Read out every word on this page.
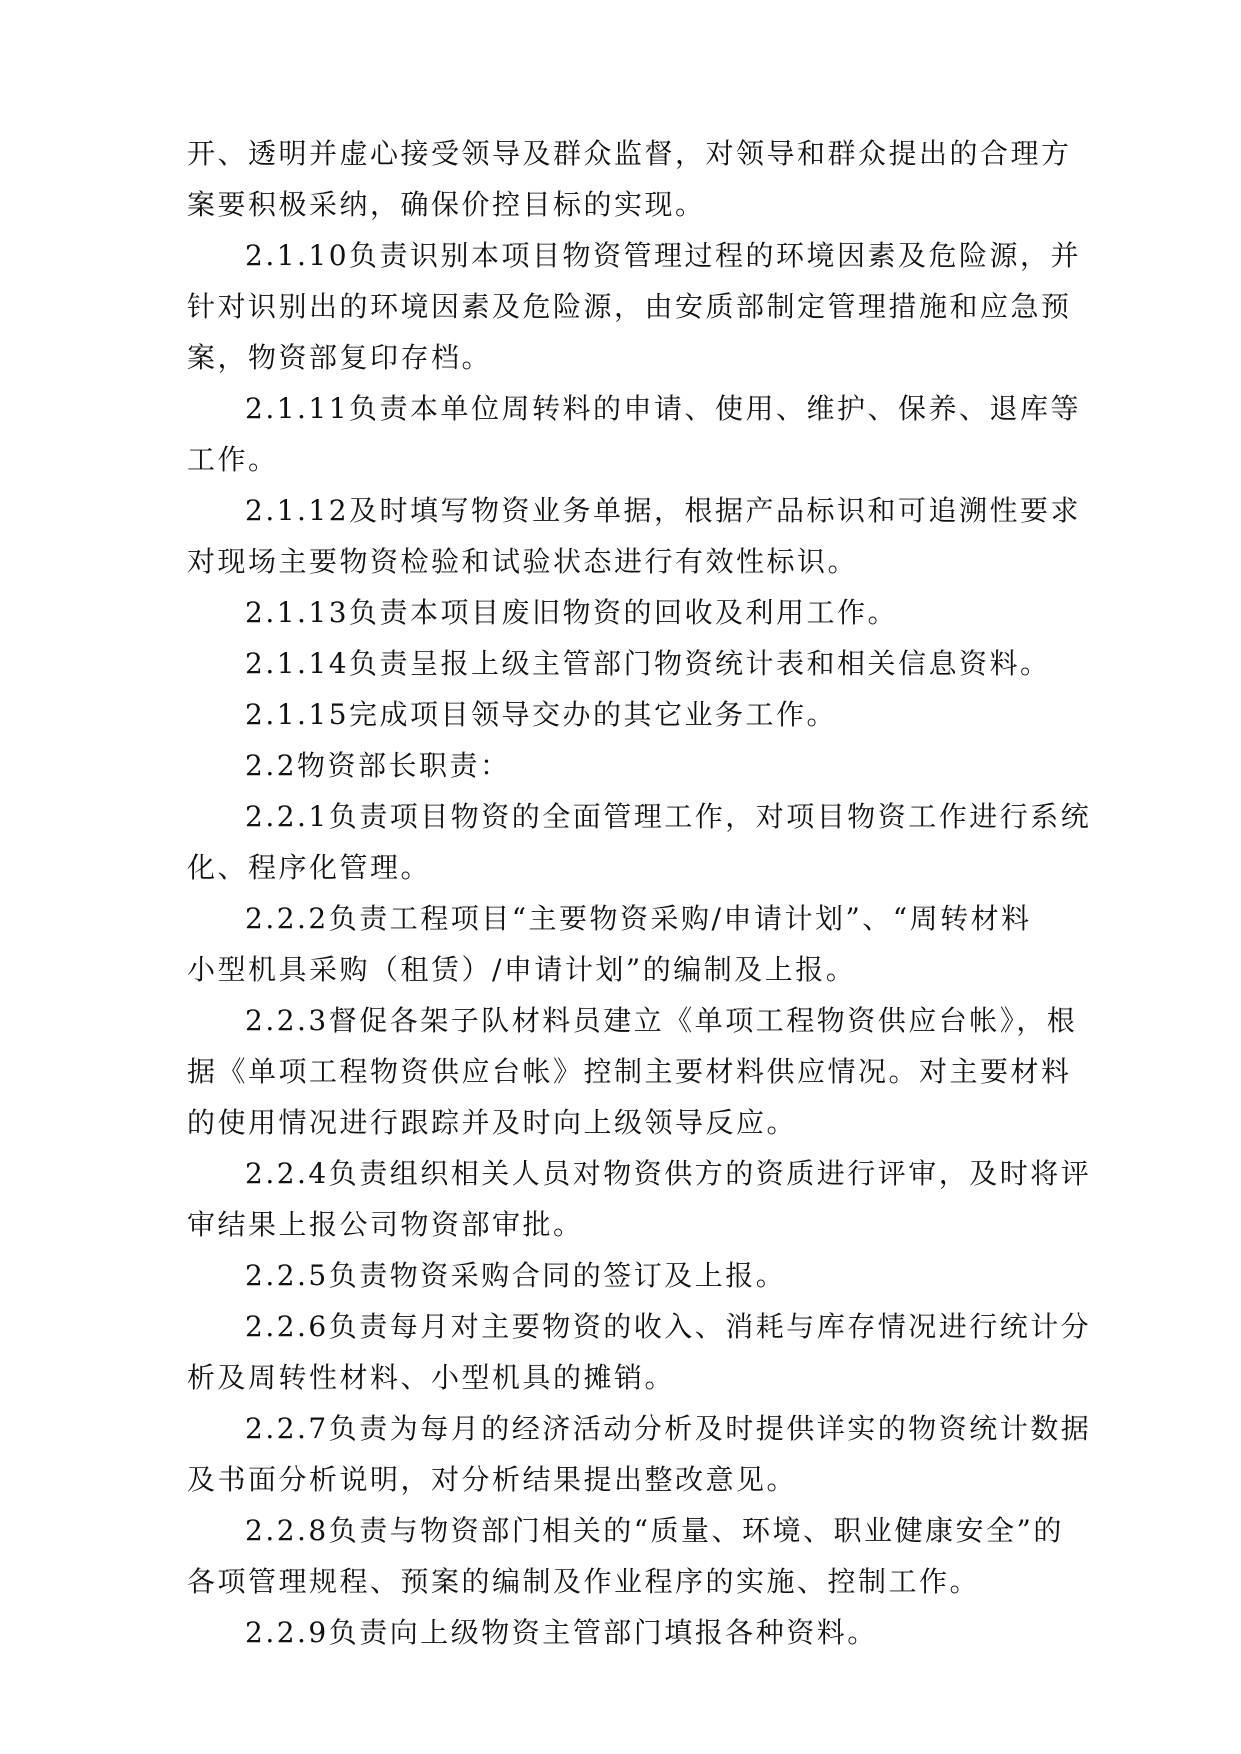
开、透明并虚心接受领导及群众监督，对领导和群众提出的合理方
案要积极采纳，确保价控目标的实现。
2.1.10负责识别本项目物资管理过程的环境因素及危险源，并
针对识别出的环境因素及危险源，由安质部制定管理措施和应急预
案，物资部复印存档。
2.1.11负责本单位周转料的申请、使用、维护、保养、退库等
工作。
2.1.12及时填写物资业务单据，根据产品标识和可追溯性要求
对现场主要物资检验和试验状态进行有效性标识。
2.1.13负责本项目废旧物资的回收及利用工作。
2.1.14负责呈报上级主管部门物资统计表和相关信息资料。
2.1.15完成项目领导交办的其它业务工作。
2.2物资部长职责：
2.2.1负责项目物资的全面管理工作，对项目物资工作进行系统
化、程序化管理。
2.2.2负责工程项目“主要物资采购/申请计划”、“周转材料
小型机具采购（租赁）/申请计划”的编制及上报。
2.2.3督促各架子队材料员建立《单项工程物资供应台帐》，根
据《单项工程物资供应台帐》控制主要材料供应情况。对主要材料
的使用情况进行跟踪并及时向上级领导反应。
2.2.4负责组织相关人员对物资供方的资质进行评审，及时将评
审结果上报公司物资部审批。
2.2.5负责物资采购合同的签订及上报。
2.2.6负责每月对主要物资的收入、消耗与库存情况进行统计分
析及周转性材料、小型机具的摊销。
2.2.7负责为每月的经济活动分析及时提供详实的物资统计数据
及书面分析说明，对分析结果提出整改意见。
2.2.8负责与物资部门相关的“质量、环境、职业健康安全”的
各项管理规程、预案的编制及作业程序的实施、控制工作。
2.2.9负责向上级物资主管部门填报各种资料。
